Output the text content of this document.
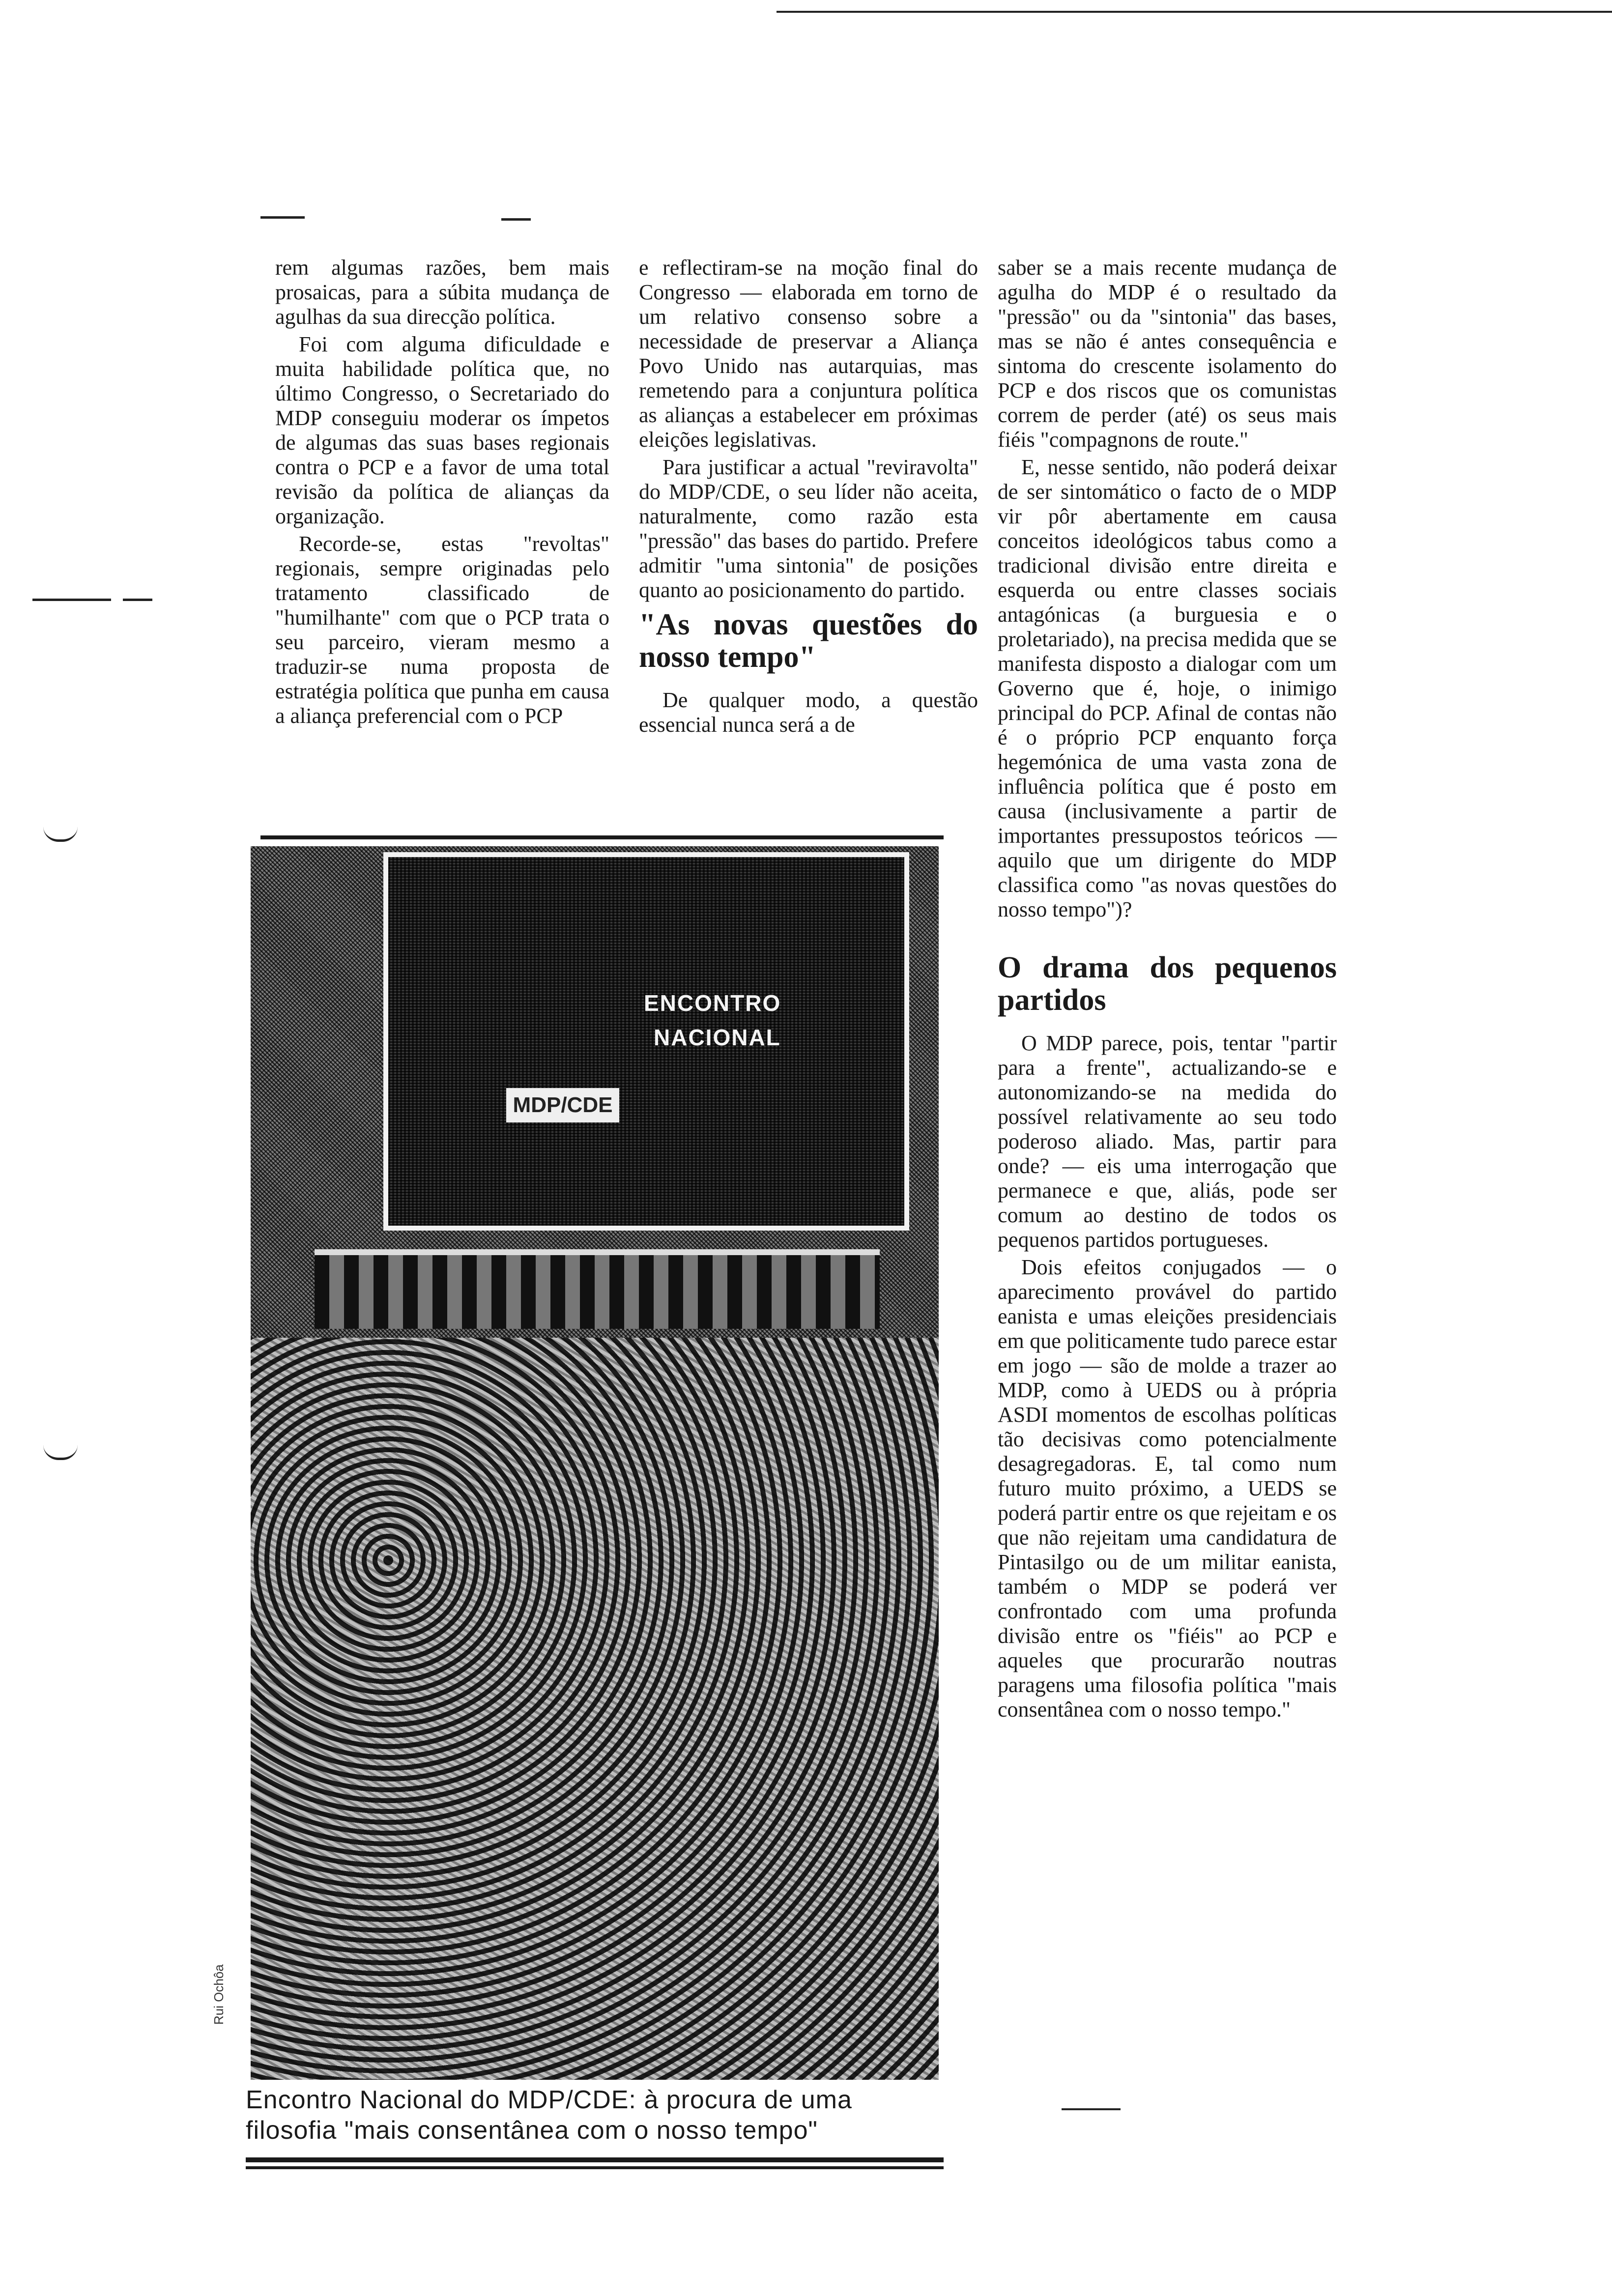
rem algumas razões, bem mais prosaicas, para a súbita mudança de agulhas da sua direcção política.

Foi com alguma dificuldade e muita habilidade política que, no último Congresso, o Secretariado do MDP conseguiu moderar os ímpetos de algumas das suas bases regionais contra o PCP e a favor de uma total revisão da política de alianças da organização.

Recorde-se, estas "revoltas" regionais, sempre originadas pelo tratamento classificado de "humilhante" com que o PCP trata o seu parceiro, vieram mesmo a traduzir-se numa proposta de estratégia política que punha em causa a aliança preferencial com o PCP

e reflectiram-se na moção final do Congresso — elaborada em torno de um relativo consenso sobre a necessidade de preservar a Aliança Povo Unido nas autarquias, mas remetendo para a conjuntura política as alianças a estabelecer em próximas eleições legislativas.

Para justificar a actual "reviravolta" do MDP/CDE, o seu líder não aceita, naturalmente, como razão esta "pressão" das bases do partido. Prefere admitir "uma sintonia" de posições quanto ao posicionamento do partido.

"As novas questões do nosso tempo"

De qualquer modo, a questão essencial nunca será a de

saber se a mais recente mudança de agulha do MDP é o resultado da "pressão" ou da "sintonia" das bases, mas se não é antes consequência e sintoma do crescente isolamento do PCP e dos riscos que os comunistas correm de perder (até) os seus mais fiéis "compagnons de route."

E, nesse sentido, não poderá deixar de ser sintomático o facto de o MDP vir pôr abertamente em causa conceitos ideológicos tabus como a tradicional divisão entre direita e esquerda ou entre classes sociais antagónicas (a burguesia e o proletariado), na precisa medida que se manifesta disposto a dialogar com um Governo que é, hoje, o inimigo principal do PCP. Afinal de contas não é o próprio PCP enquanto força hegemónica de uma vasta zona de influência política que é posto em causa (inclusivamente a partir de importantes pressupostos teóricos — aquilo que um dirigente do MDP classifica como "as novas questões do nosso tempo")?

O drama dos pequenos partidos

O MDP parece, pois, tentar "partir para a frente", actualizando-se e autonomizando-se na medida do possível relativamente ao seu todo poderoso aliado. Mas, partir para onde? — eis uma interrogação que permanece e que, aliás, pode ser comum ao destino de todos os pequenos partidos portugueses.

Dois efeitos conjugados — o aparecimento provável do partido eanista e umas eleições presidenciais em que politicamente tudo parece estar em jogo — são de molde a trazer ao MDP, como à UEDS ou à própria ASDI momentos de escolhas políticas tão decisivas como potencialmente desagregadoras. E, tal como num futuro muito próximo, a UEDS se poderá partir entre os que rejeitam e os que não rejeitam uma candidatura de Pintasilgo ou de um militar eanista, também o MDP se poderá ver confrontado com uma profunda divisão entre os "fiéis" ao PCP e aqueles que procurarão noutras paragens uma filosofia política "mais consentânea com o nosso tempo."

ENCONTRO
NACIONAL
MDP/CDE
Rui Ochôa
Encontro Nacional do MDP/CDE: à procura de uma filosofia "mais consentânea com o nosso tempo"
